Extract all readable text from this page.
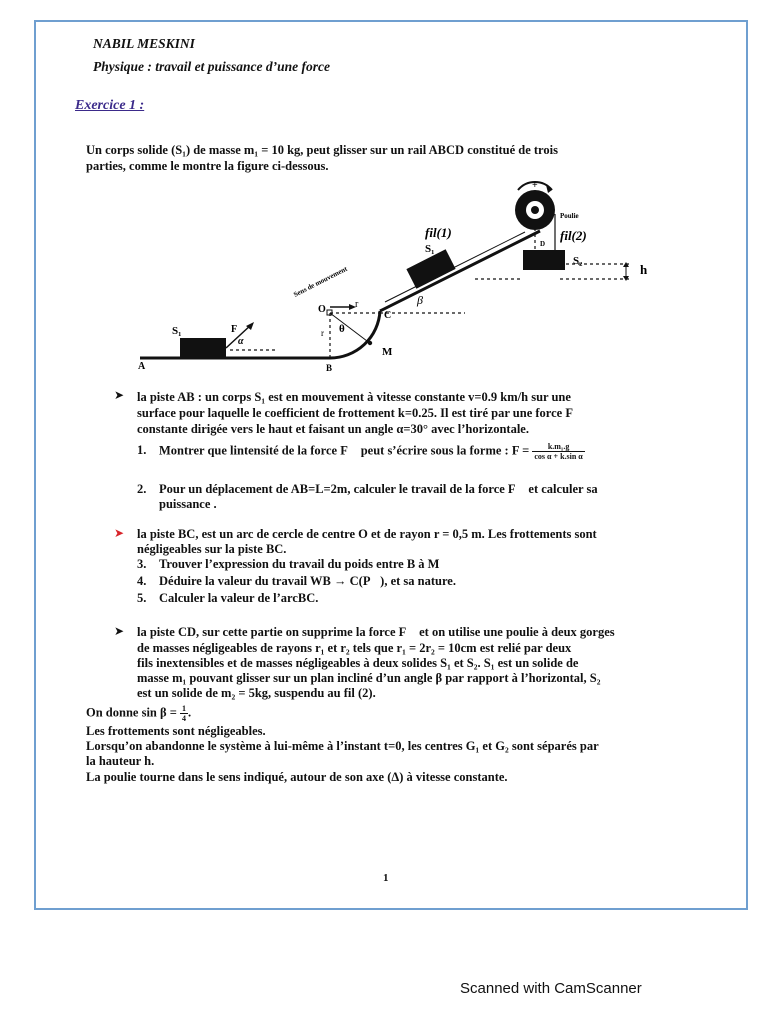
NABIL MESKINI
Physique : travail et puissance d’une force
Exercice 1 :
Un corps solide (S₁) de masse m₁ = 10 kg, peut glisser sur un rail ABCD constitué de trois
parties, comme le montre la figure ci-dessous.
+
Poulie
D
fil(2)
fil(1)
S₂
h
S₁
β
Sens de mouvement
O	r
r θ
C
M
S₁	F⃗
α
A	B
➤ la piste AB : un corps S₁ est en mouvement à vitesse constante v=0.9 km/h sur une
surface pour laquelle le coefficient de frottement k=0.25. Il est tiré par une force F⃗
constante dirigée vers le haut et faisant un angle α=30° avec l’horizontale.
1. Montrer que lintensité de la force F⃗ peut s’écrire sous la forme : $F = \frac{\text{k.m₁.g}}{\text{cos α + k.sin α}}$
2. Pour un déplacement de AB=L=2m, calculer le travail de la force F⃗ et calculer sa
puissance .
➤ la piste BC, est un arc de cercle de centre O et de rayon r = 0,5 m. Les frottements sont
négligeables sur la piste BC.
3. Trouver l’expression du travail du poids entre B à M
4. Déduire la valeur du travail WB → C(P⃗), et sa nature.
5. Calculer la valeur de l’arcBC.
➤ la piste CD, sur cette partie on supprime la force F⃗ et on utilise une poulie à deux gorges
de masses négligeables de rayons r₁ et r₂ tels que r₁ = 2r₂ = 10cm est relié par deux
fils inextensibles et de masses négligeables à deux solides S₁ et S₂. S₁ est un solide de
masse m₁ pouvant glisser sur un plan incliné d’un angle β par rapport à l’horizontal, S₂
est un solide de m₂ = 5kg, suspendu au fil (2).
On donne $\sin \beta = \frac{1}{4}$ .
Les frottements sont négligeables.
Lorsqu’on abandonne le système à lui-même à l’instant t=0, les centres G₁ et G₂ sont séparés par
la hauteur h.
La poulie tourne dans le sens indiqué, autour de son axe (Δ) à vitesse constante.
1
Scanned with CamScanner
